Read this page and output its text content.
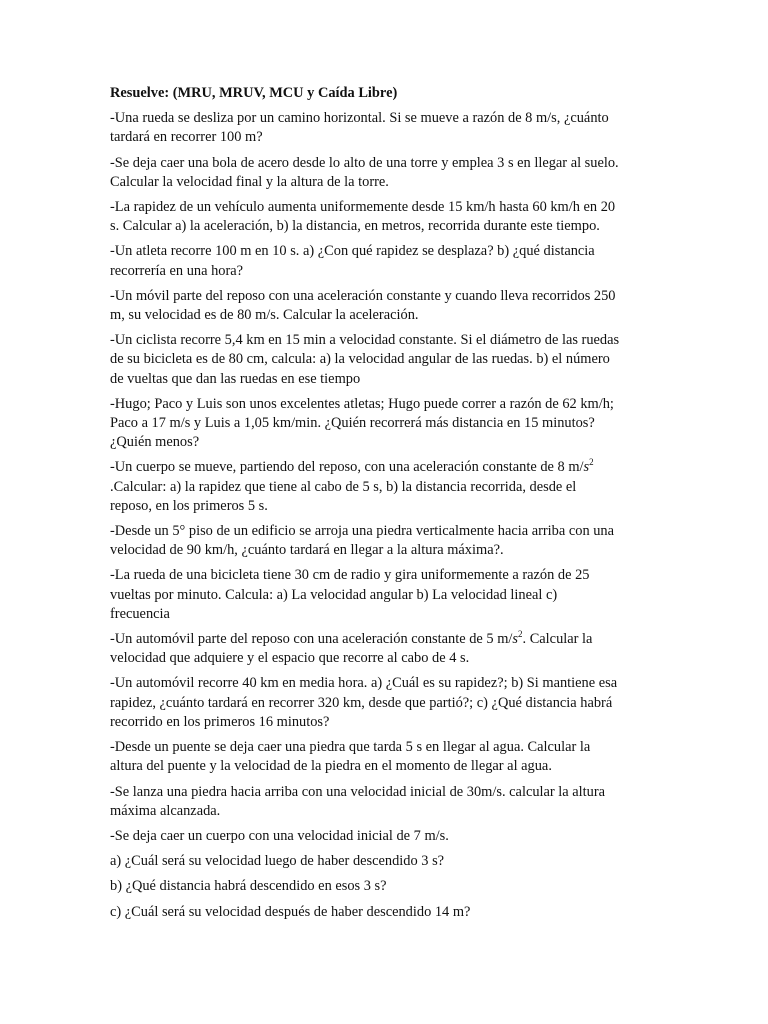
Resuelve: (MRU, MRUV, MCU y Caída Libre)
-Una rueda se desliza por un camino horizontal. Si se mueve a razón de 8 m/s, ¿cuánto
tardará en recorrer 100 m?
-Se deja caer una bola de acero desde lo alto de una torre y emplea 3 s en llegar al suelo.
Calcular la velocidad final y la altura de la torre.
-La rapidez de un vehículo aumenta uniformemente desde 15 km/h hasta 60 km/h en 20
s. Calcular a) la aceleración, b) la distancia, en metros, recorrida durante este tiempo.
-Un atleta recorre 100 m en 10 s. a) ¿Con qué rapidez se desplaza? b) ¿qué distancia
recorrería en una hora?
-Un móvil parte del reposo con una aceleración constante y cuando lleva recorridos 250
m, su velocidad es de 80 m/s. Calcular la aceleración.
-Un ciclista recorre 5,4 km en 15 min a velocidad constante. Si el diámetro de las ruedas
de su bicicleta es de 80 cm, calcula: a) la velocidad angular de las ruedas. b) el número
de vueltas que dan las ruedas en ese tiempo
-Hugo; Paco y Luis son unos excelentes atletas; Hugo puede correr a razón de 62 km/h;
Paco a 17 m/s y Luis a 1,05 km/min. ¿Quién recorrerá más distancia en 15 minutos?
¿Quién menos?
-Un cuerpo se mueve, partiendo del reposo, con una aceleración constante de 8 $m/s^2$
.Calcular: a) la rapidez que tiene al cabo de 5 s, b) la distancia recorrida, desde el
reposo, en los primeros 5 s.
-Desde un 5° piso de un edificio se arroja una piedra verticalmente hacia arriba con una
velocidad de 90 km/h, ¿cuánto tardará en llegar a la altura máxima?.
-La rueda de una bicicleta tiene 30 cm de radio y gira uniformemente a razón de 25
vueltas por minuto. Calcula: a) La velocidad angular b) La velocidad lineal c)
frecuencia
-Un automóvil parte del reposo con una aceleración constante de 5 $m/s^2$. Calcular la
velocidad que adquiere y el espacio que recorre al cabo de 4 s.
-Un automóvil recorre 40 km en media hora. a) ¿Cuál es su rapidez?; b) Si mantiene esa
rapidez, ¿cuánto tardará en recorrer 320 km, desde que partió?; c) ¿Qué distancia habrá
recorrido en los primeros 16 minutos?
-Desde un puente se deja caer una piedra que tarda 5 s en llegar al agua. Calcular la
altura del puente y la velocidad de la piedra en el momento de llegar al agua.
-Se lanza una piedra hacia arriba con una velocidad inicial de 30m/s. calcular la altura
máxima alcanzada.
-Se deja caer un cuerpo con una velocidad inicial de 7 m/s.
a) ¿Cuál será su velocidad luego de haber descendido 3 s?
b) ¿Qué distancia habrá descendido en esos 3 s?
c) ¿Cuál será su velocidad después de haber descendido 14 m?
